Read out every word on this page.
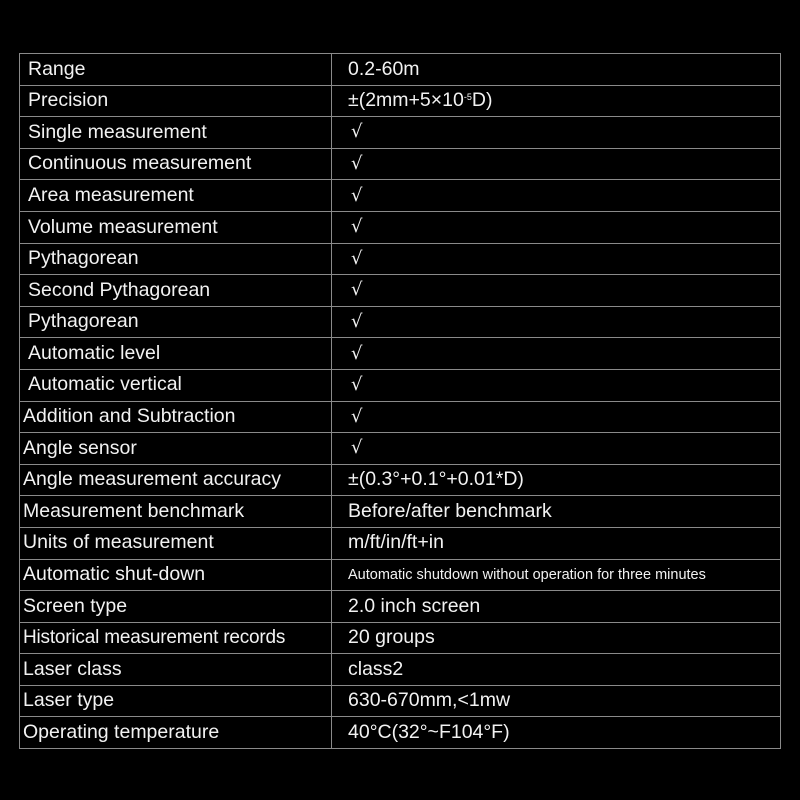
Range	0.2-60m
Precision	$\pm(2mm+5\times 10^{-5}D)$
Single measurement	√
Continuous measurement	√
Area measurement	√
Volume measurement	√
Pythagorean	√
Second Pythagorean	√
Pythagorean	√
Automatic level	√
Automatic vertical	√
Addition and Subtraction	√
Angle sensor	√
Angle measurement accuracy	±(0.3°+0.1°+0.01*D)
Measurement benchmark	Before/after benchmark
Units of measurement	m/ft/in/ft+in
Automatic shut-down	Automatic shutdown without operation for three minutes
Screen type	2.0 inch screen
Historical measurement records	20 groups
Laser class	class2
Laser type	630-670mm,<1mw
Operating temperature	40°C(32°~F104°F)
